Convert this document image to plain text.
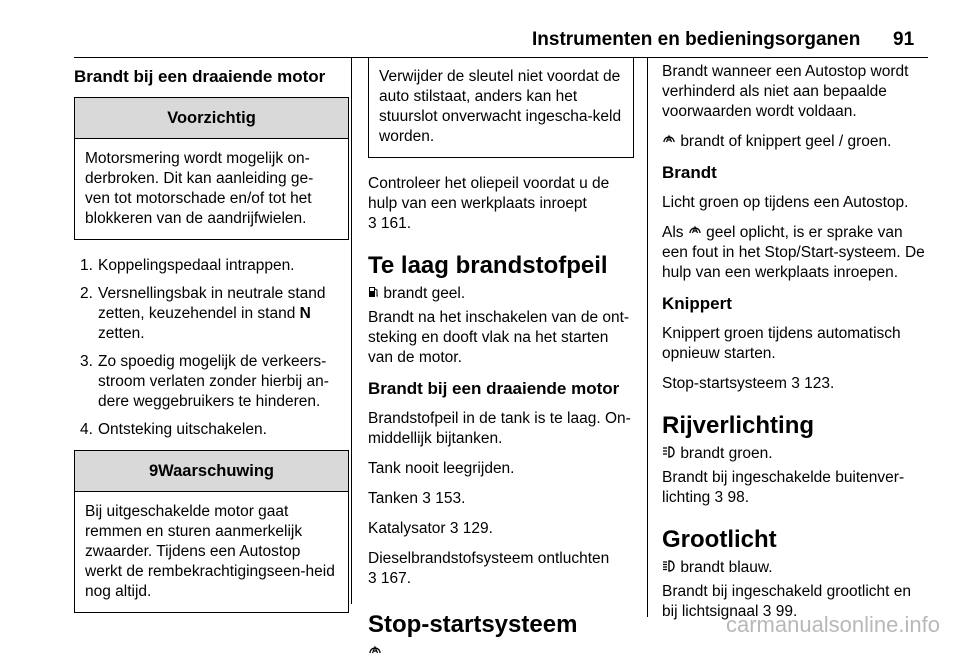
Instrumenten en bedieningsorganen 91
Brandt bij een draaiende motor
Voorzichtig
Motorsmering wordt mogelijk on-derbroken. Dit kan aanleiding ge-ven tot motorschade en/of tot het blokkeren van de aandrijfwielen.
1. Koppelingspedaal intrappen.
2. Versnellingsbak in neutrale stand zetten, keuzehendel in stand N zetten.
3. Zo spoedig mogelijk de verkeers-stroom verlaten zonder hierbij an-dere weggebruikers te hinderen.
4. Ontsteking uitschakelen.
9Waarschuwing
Bij uitgeschakelde motor gaat remmen en sturen aanmerkelijk zwaarder. Tijdens een Autostop werkt de rembekrachtigingseen-heid nog altijd.
Verwijder de sleutel niet voordat de auto stilstaat, anders kan het stuurslot onverwacht ingescha-keld worden.

Controleer het oliepeil voordat u de hulp van een werkplaats inroept
3 161.

Te laag brandstofpeil

brandt geel.

Brandt na het inschakelen van de ont-steking en dooft vlak na het starten van de motor.

Brandt bij een draaiende motor

Brandstofpeil in de tank is te laag. On-middellijk bijtanken.

Tank nooit leegrijden.

Tanken 3 153.

Katalysator 3 129.

Dieselbrandstofsysteem ontluchten
3 167.

Stop-startsysteem

Brandt wanneer een Autostop wordt verhinderd als niet aan bepaalde voorwaarden wordt voldaan.

brandt of knippert geel / groen.

Brandt

Licht groen op tijdens een Autostop.

Als  geel oplicht, is er sprake van een fout in het Stop/Start-systeem. De hulp van een werkplaats inroepen.

Knippert

Knippert groen tijdens automatisch opnieuw starten.

Stop-startsysteem 3 123.

Rijverlichting

brandt groen.

Brandt bij ingeschakelde buitenver-lichting 3 98.

Grootlicht

brandt blauw.

Brandt bij ingeschakeld grootlicht en bij lichtsignaal 3 99.

carmanualsonline.info
